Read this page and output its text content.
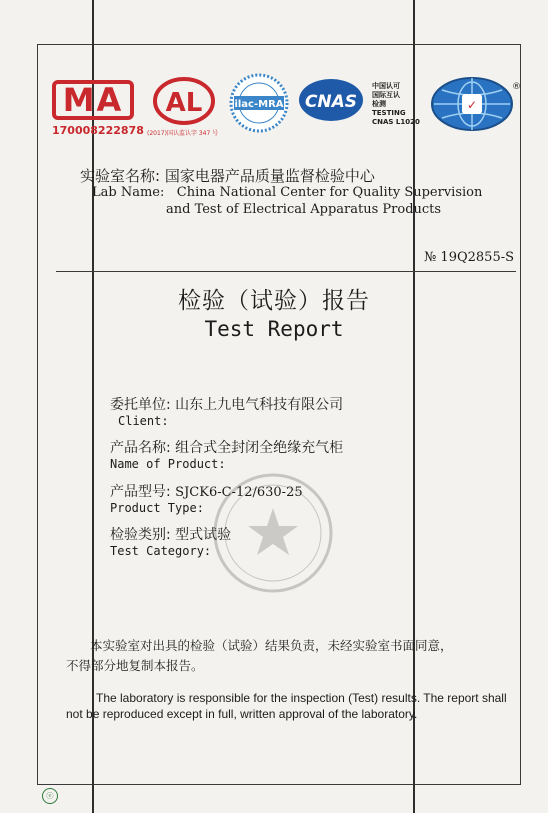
MA
170008222878 (2017)国认监认字 347 号
AL	ilac-MRA CNAS
中国认可
国际互认
检测
TESTING
CNAS L1020
✓
®
实验室名称: 国家电器产品质量监督检验中心
Lab Name: China National Center for Quality Supervision
and Test of Electrical Apparatus Products
№ 19Q2855-S
检验（试验）报告
Test Report
委托单位: 山东上九电气科技有限公司
Client:
产品名称: 组合式全封闭全绝缘充气柜
Name of Product:
产品型号: SJCK6-C-12/630-25
Product Type:
检验类别: 型式试验
Test Category:
本实验室对出具的检验（试验）结果负责，未经实验室书面同意，
不得部分地复制本报告。
The laboratory is responsible for the inspection (Test) results. The report shall
not be reproduced except in full, written approval of the laboratory.
ⓔ
